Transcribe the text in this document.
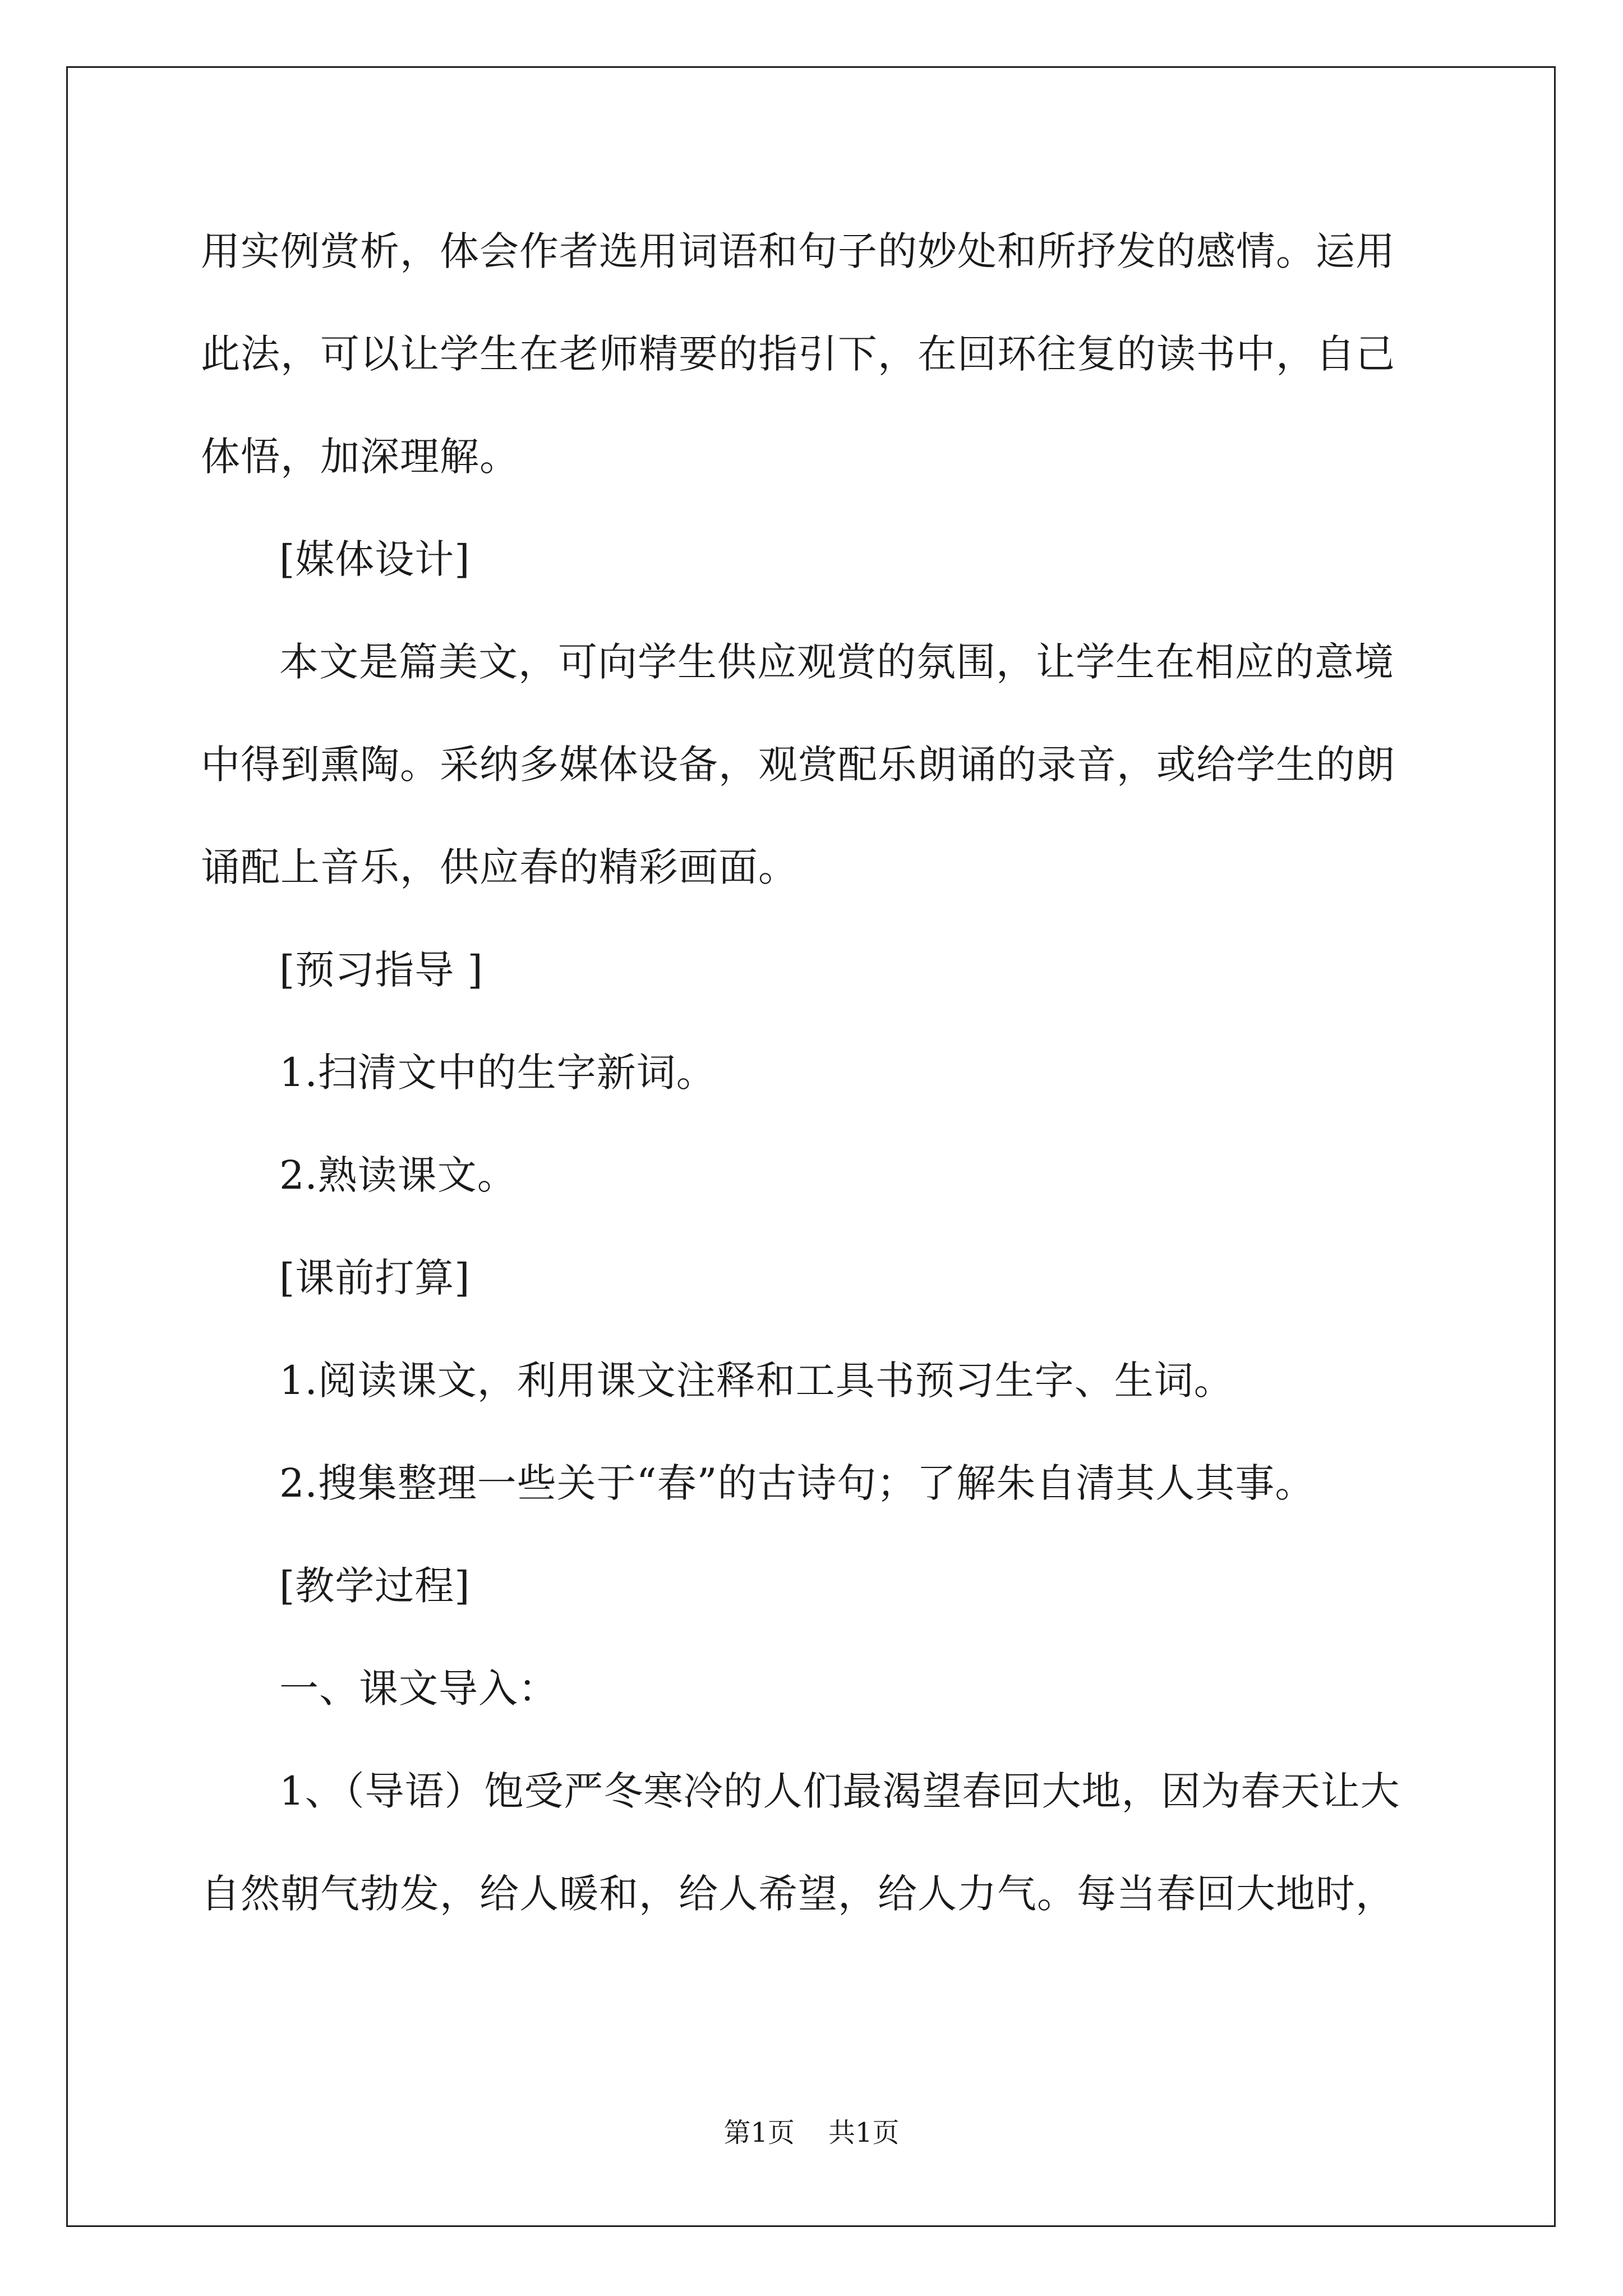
用实例赏析，体会作者选用词语和句子的妙处和所抒发的感情。运用
此法，可以让学生在老师精要的指引下，在回环往复的读书中，自己
体悟，加深理解。
[媒体设计]
本文是篇美文，可向学生供应观赏的氛围，让学生在相应的意境
中得到熏陶。采纳多媒体设备，观赏配乐朗诵的录音，或给学生的朗
诵配上音乐，供应春的精彩画面。
[预习指导 ]
1.扫清文中的生字新词。
2.熟读课文。
[课前打算]
1.阅读课文，利用课文注释和工具书预习生字、生词。
2.搜集整理一些关于“春”的古诗句；了解朱自清其人其事。
[教学过程]
一、课文导入：
1、（导语）饱受严冬寒冷的人们最渴望春回大地，因为春天让大
自然朝气勃发，给人暖和，给人希望，给人力气。每当春回大地时，
第1页 共1页
